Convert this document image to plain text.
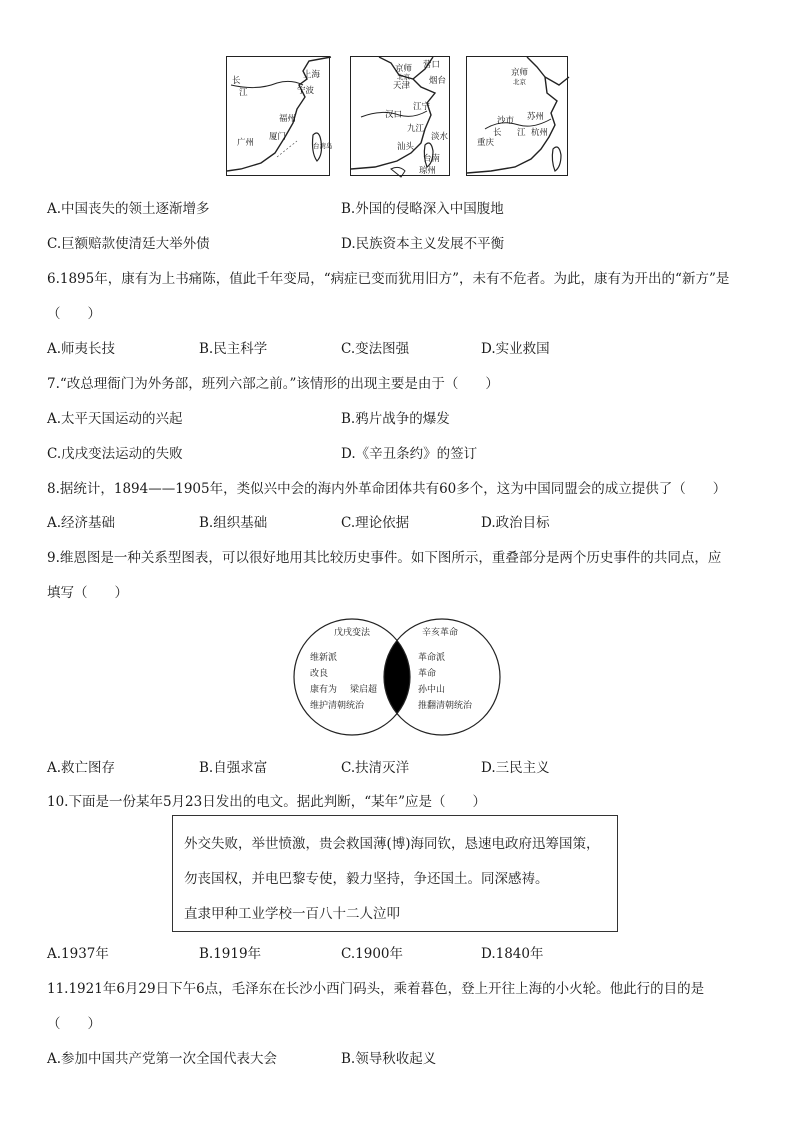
长
江
上海
宁波
福州
厦门
广州	台湾岛
京师
北京
营口
天津 烟台
江宁
汉口
九江
淡水
汕头
台南
琼州
京师
北京
沙市 苏州
长 江 杭州
重庆
A.中国丧失的领土逐渐增多	B.外国的侵略深入中国腹地
C.巨额赔款使清廷大举外债	D.民族资本主义发展不平衡
6.1895年，康有为上书痛陈，值此千年变局，“病症已变而犹用旧方”，未有不危者。为此，康有为开出的“新方”是
（　　）
A.师夷长技	B.民主科学	C.变法图强	D.实业救国
7.“改总理衙门为外务部，班列六部之前。”该情形的出现主要是由于（　　）
A.太平天国运动的兴起	B.鸦片战争的爆发
C.戊戌变法运动的失败	D.《辛丑条约》的签订
8.据统计，1894——1905年，类似兴中会的海内外革命团体共有60多个，这为中国同盟会的成立提供了（　　）
A.经济基础	B.组织基础	C.理论依据	D.政治目标
9.维恩图是一种关系型图表，可以很好地用其比较历史事件。如下图所示，重叠部分是两个历史事件的共同点，应
填写（　　）
戊戌变法	辛亥革命
维新派
改良
康有为 梁启超
维护清朝统治
革命派
革命
孙中山
推翻清朝统治
A.救亡图存	B.自强求富	C.扶清灭洋	D.三民主义
10.下面是一份某年5月23日发出的电文。据此判断，“某年”应是（　　）
外交失败，举世愤激，贵会救国薄(博)海同钦，恳速电政府迅筹国策，
勿丧国权，并电巴黎专使，毅力坚持，争还国土。同深感祷。
直隶甲种工业学校一百八十二人泣叩
A.1937年	B.1919年	C.1900年	D.1840年
11.1921年6月29日下午6点，毛泽东在长沙小西门码头，乘着暮色，登上开往上海的小火轮。他此行的目的是
（　　）
A.参加中国共产党第一次全国代表大会	B.领导秋收起义
